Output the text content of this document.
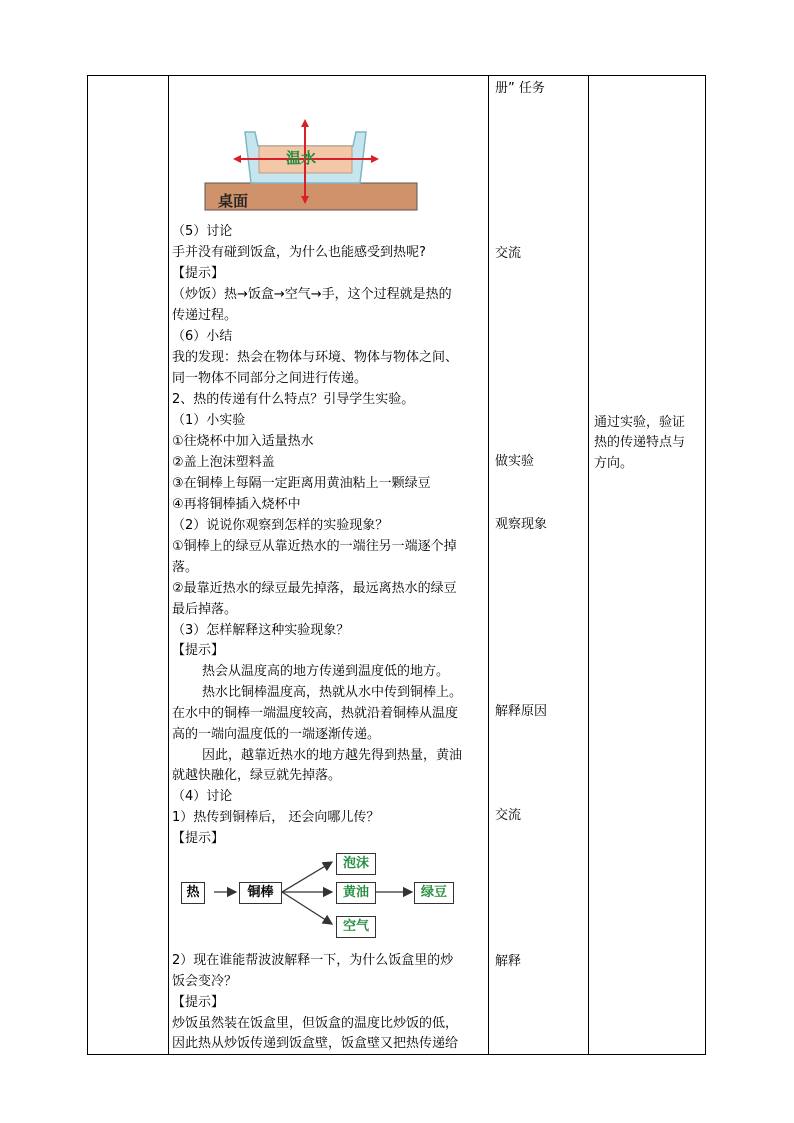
册” 任务
交流
做实验
观察现象
解释原因
交流
解释
通过实验，验证
热的传递特点与
方向。
温水
桌面
（5）讨论
手并没有碰到饭盒，为什么也能感受到热呢?
【提示】
（炒饭）热→饭盒→空气→手，这个过程就是热的
传递过程。
（6）小结
我的发现：热会在物体与环境、物体与物体之间、
同一物体不同部分之间进行传递。
2、热的传递有什么特点？引导学生实验。
（1）小实验
①往烧杯中加入适量热水
②盖上泡沫塑料盖
③在铜棒上每隔一定距离用黄油粘上一颗绿豆
④再将铜棒插入烧杯中
（2）说说你观察到怎样的实验现象？
①铜棒上的绿豆从靠近热水的一端往另一端逐个掉
落。
②最靠近热水的绿豆最先掉落，最远离热水的绿豆
最后掉落。
（3）怎样解释这种实验现象？
【提示】
热会从温度高的地方传递到温度低的地方。
热水比铜棒温度高，热就从水中传到铜棒上。
在水中的铜棒一端温度较高，热就沿着铜棒从温度
高的一端向温度低的一端逐渐传递。
因此，越靠近热水的地方越先得到热量，黄油
就越快融化，绿豆就先掉落。
（4）讨论
1）热传到铜棒后， 还会向哪儿传？
【提示】
热	铜棒
泡沫
黄油
空气
绿豆
2）现在谁能帮波波解释一下，为什么饭盒里的炒
饭会变冷？
【提示】
炒饭虽然装在饭盒里，但饭盒的温度比炒饭的低，
因此热从炒饭传递到饭盒壁，饭盒壁又把热传递给
